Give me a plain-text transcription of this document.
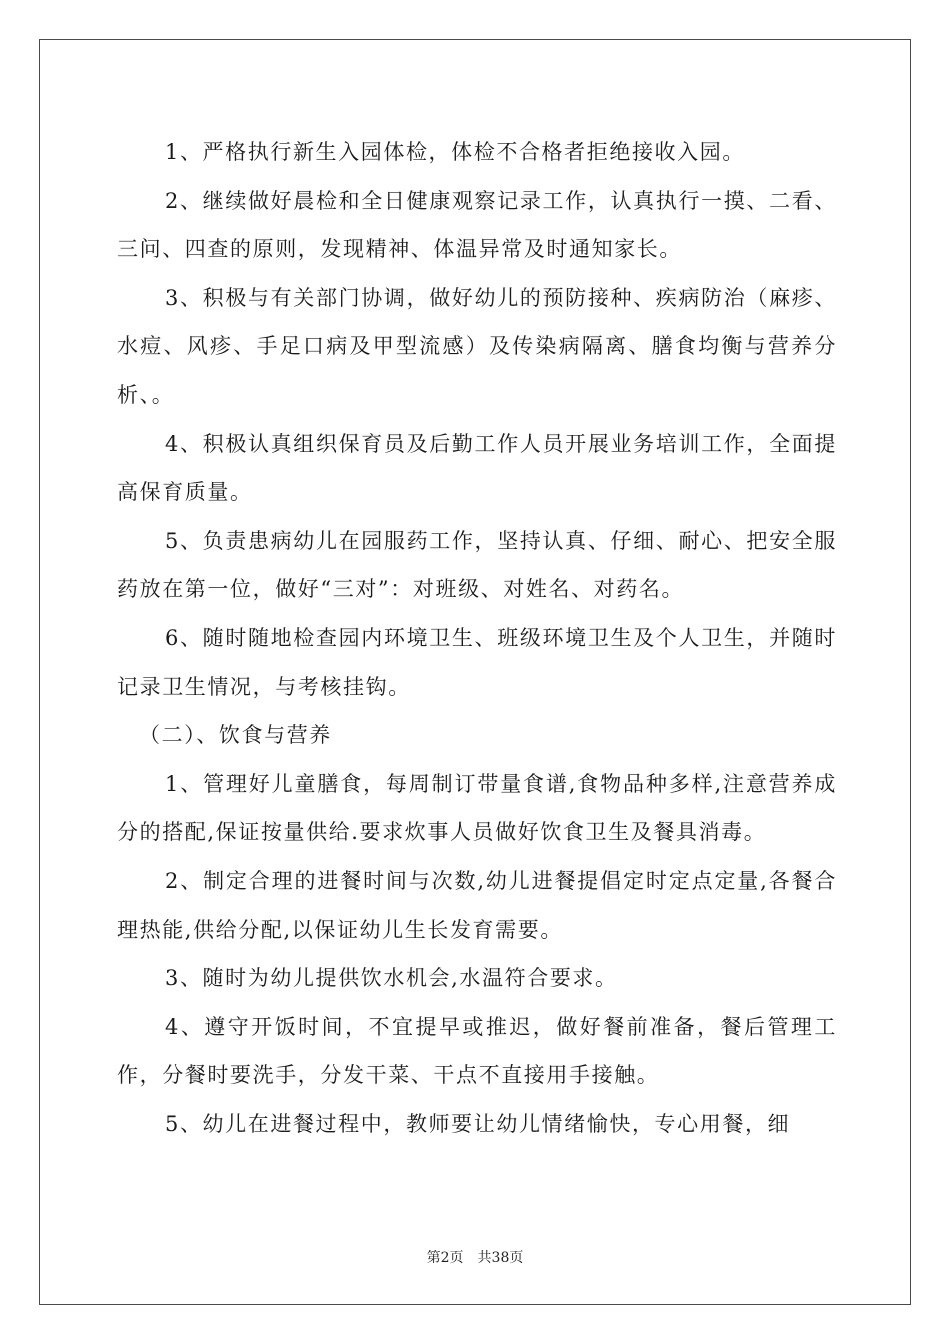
1、严格执行新生入园体检，体检不合格者拒绝接收入园。

2、继续做好晨检和全日健康观察记录工作，认真执行一摸、二看、三问、四查的原则，发现精神、体温异常及时通知家长。

3、积极与有关部门协调，做好幼儿的预防接种、疾病防治（麻疹、水痘、风疹、手足口病及甲型流感）及传染病隔离、膳食均衡与营养分析、。

4、积极认真组织保育员及后勤工作人员开展业务培训工作，全面提高保育质量。

5、负责患病幼儿在园服药工作，坚持认真、仔细、耐心、把安全服药放在第一位，做好“三对”：对班级、对姓名、对药名。

6、随时随地检查园内环境卫生、班级环境卫生及个人卫生，并随时记录卫生情况，与考核挂钩。

（二）、饮食与营养

1、管理好儿童膳食，每周制订带量食谱,食物品种多样,注意营养成分的搭配,保证按量供给.要求炊事人员做好饮食卫生及餐具消毒。

2、制定合理的进餐时间与次数,幼儿进餐提倡定时定点定量,各餐合理热能,供给分配,以保证幼儿生长发育需要。

3、随时为幼儿提供饮水机会,水温符合要求。

4、遵守开饭时间，不宜提早或推迟，做好餐前准备，餐后管理工作，分餐时要洗手，分发干菜、干点不直接用手接触。

5、幼儿在进餐过程中，教师要让幼儿情绪愉快，专心用餐，细

第2页 共38页
